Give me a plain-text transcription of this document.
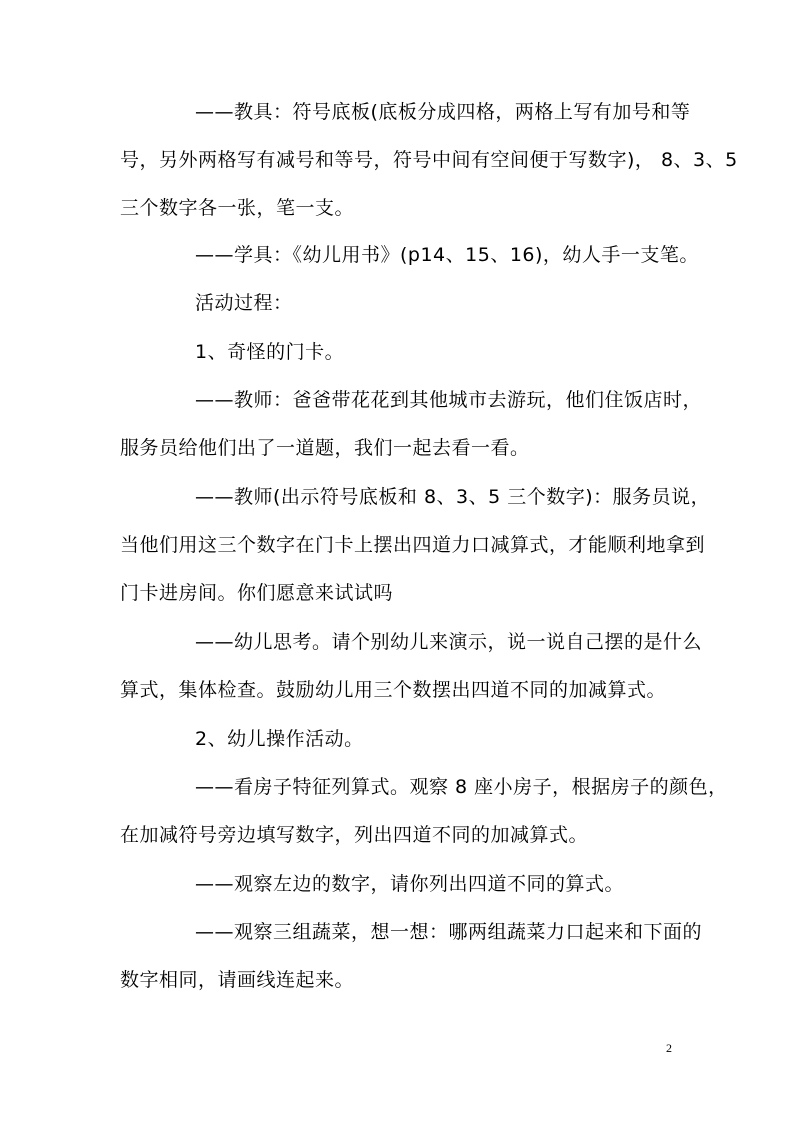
——教具：符号底板(底板分成四格，两格上写有加号和等
号，另外两格写有减号和等号，符号中间有空间便于写数字)， 8、3、5
三个数字各一张，笔一支。
——学具：《幼儿用书》(p14、15、16)，幼人手一支笔。
活动过程：
1、奇怪的门卡。
——教师：爸爸带花花到其他城市去游玩，他们住饭店时，
服务员给他们出了一道题，我们一起去看一看。
——教师(出示符号底板和 8、3、5 三个数字)：服务员说，
当他们用这三个数字在门卡上摆出四道力口减算式，才能顺利地拿到
门卡进房间。你们愿意来试试吗
——幼儿思考。请个别幼儿来演示，说一说自己摆的是什么
算式，集体检查。鼓励幼儿用三个数摆出四道不同的加减算式。
2、幼儿操作活动。
——看房子特征列算式。观察 8 座小房子，根据房子的颜色，
在加减符号旁边填写数字，列出四道不同的加减算式。
——观察左边的数字，请你列出四道不同的算式。
——观察三组蔬菜，想一想：哪两组蔬菜力口起来和下面的
数字相同，请画线连起来。
2
